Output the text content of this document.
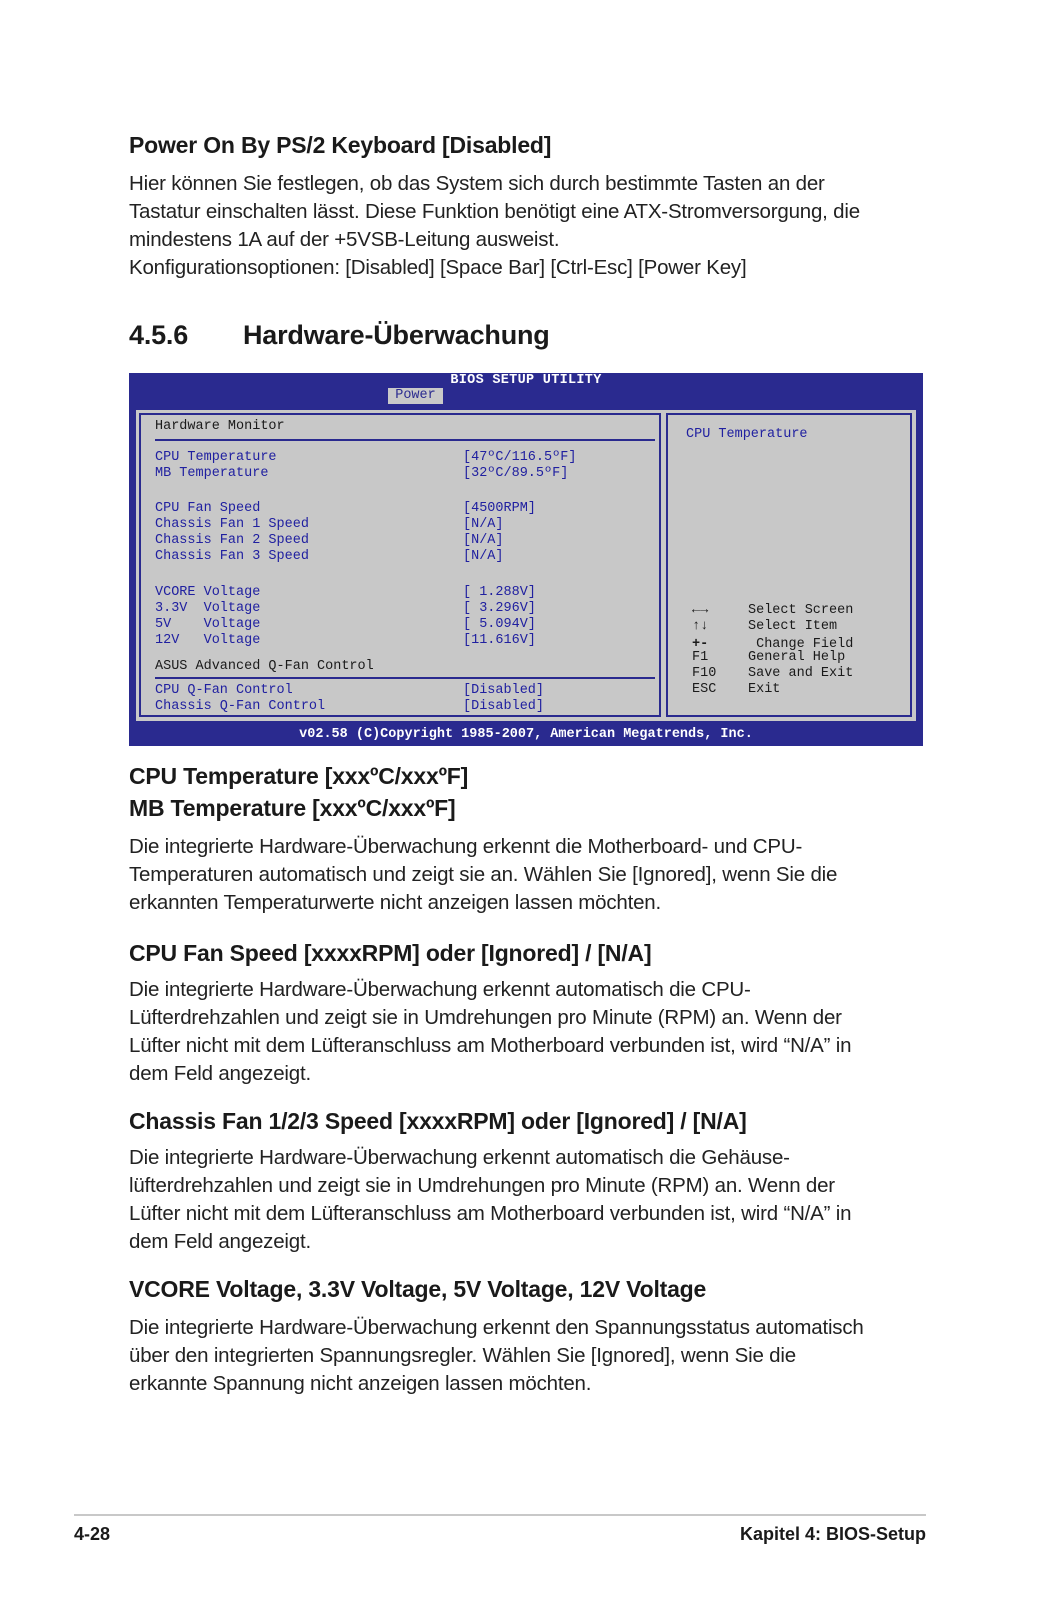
Power On By PS/2 Keyboard [Disabled]
Hier können Sie festlegen, ob das System sich durch bestimmte Tasten an der
Tastatur einschalten lässt. Diese Funktion benötigt eine ATX-Stromversorgung, die
mindestens 1A auf der +5VSB-Leitung ausweist.
Konfigurationsoptionen: [Disabled] [Space Bar] [Ctrl-Esc] [Power Key]
4.5.6 Hardware-Überwachung
BIOS SETUP UTILITY
Power
Hardware Monitor
CPU Temperature	[47ºC/116.5ºF]
MB Temperature	[32ºC/89.5ºF]
CPU Fan Speed	[4500RPM]
Chassis Fan 1 Speed	[N/A]
Chassis Fan 2 Speed	[N/A]
Chassis Fan 3 Speed	[N/A]
VCORE Voltage	[ 1.288V]
3.3V  Voltage	[ 3.296V]
5V    Voltage	[ 5.094V]
12V   Voltage	[11.616V]
ASUS Advanced Q-Fan Control
CPU Q-Fan Control	[Disabled]
Chassis Q-Fan Control	[Disabled]
CPU Temperature
←→	Select Screen
↑↓	Select Item
+-	Change Field
F1	General Help
F10 Save and Exit
ESC Exit
v02.58 (C)Copyright 1985-2007, American Megatrends, Inc.
CPU Temperature [xxxºC/xxxºF]
MB Temperature [xxxºC/xxxºF]
Die integrierte Hardware-Überwachung erkennt die Motherboard- und CPU-
Temperaturen automatisch und zeigt sie an. Wählen Sie [Ignored], wenn Sie die
erkannten Temperaturwerte nicht anzeigen lassen möchten.
CPU Fan Speed [xxxxRPM] oder [Ignored] / [N/A]
Die integrierte Hardware-Überwachung erkennt automatisch die CPU-
Lüfterdrehzahlen und zeigt sie in Umdrehungen pro Minute (RPM) an. Wenn der
Lüfter nicht mit dem Lüfteranschluss am Motherboard verbunden ist, wird “N/A” in
dem Feld angezeigt.
Chassis Fan 1/2/3 Speed [xxxxRPM] oder [Ignored] / [N/A]
Die integrierte Hardware-Überwachung erkennt automatisch die Gehäuse-
lüfterdrehzahlen und zeigt sie in Umdrehungen pro Minute (RPM) an. Wenn der
Lüfter nicht mit dem Lüfteranschluss am Motherboard verbunden ist, wird “N/A” in
dem Feld angezeigt.
VCORE Voltage, 3.3V Voltage, 5V Voltage, 12V Voltage
Die integrierte Hardware-Überwachung erkennt den Spannungsstatus automatisch
über den integrierten Spannungsregler. Wählen Sie [Ignored], wenn Sie die
erkannte Spannung nicht anzeigen lassen möchten.
4-28	Kapitel 4: BIOS-Setup
